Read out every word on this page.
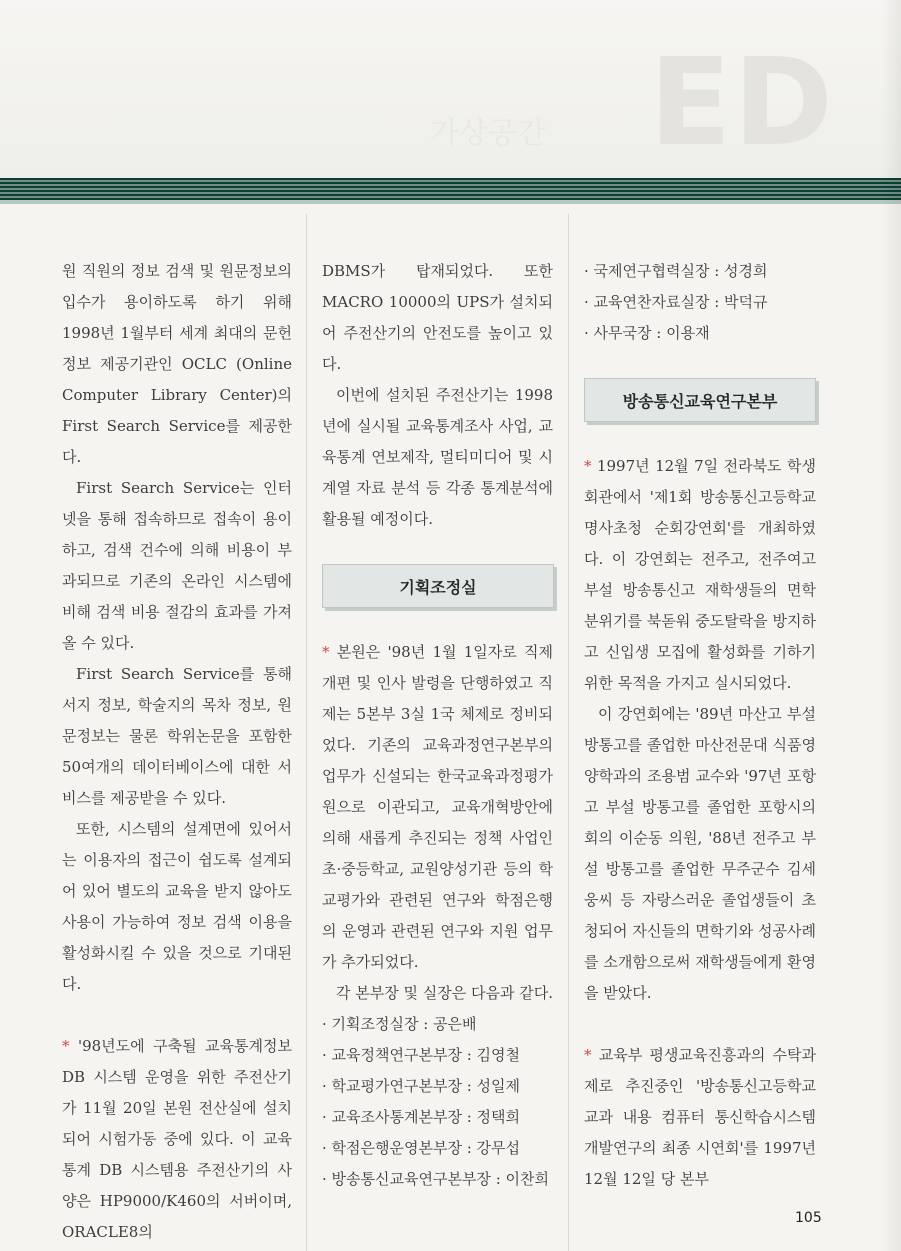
ED
가상공간

원 직원의 정보 검색 및 원문정보의 입수가 용이하도록 하기 위해 1998년 1월부터 세계 최대의 문헌 정보 제공기관인 OCLC (Online Computer Library Center)의 First Search Service를 제공한다.

First Search Service는 인터넷을 통해 접속하므로 접속이 용이하고, 검색 건수에 의해 비용이 부과되므로 기존의 온라인 시스템에 비해 검색 비용 절감의 효과를 가져올 수 있다.

First Search Service를 통해 서지 정보, 학술지의 목차 정보, 원문정보는 물론 학위논문을 포함한 50여개의 데이터베이스에 대한 서비스를 제공받을 수 있다.

또한, 시스템의 설계면에 있어서는 이용자의 접근이 쉽도록 설계되어 있어 별도의 교육을 받지 않아도 사용이 가능하여 정보 검색 이용을 활성화시킬 수 있을 것으로 기대된다.

* '98년도에 구축될 교육통계정보 DB 시스템 운영을 위한 주전산기가 11월 20일 본원 전산실에 설치되어 시험가동 중에 있다. 이 교육통계 DB 시스템용 주전산기의 사양은 HP9000/K460의 서버이며, ORACLE8의

DBMS가 탑재되었다. 또한 MACRO 10000의 UPS가 설치되어 주전산기의 안전도를 높이고 있다.

이번에 설치된 주전산기는 1998년에 실시될 교육통계조사 사업, 교육통계 연보제작, 멀티미디어 및 시계열 자료 분석 등 각종 통계분석에 활용될 예정이다.

기획조정실

* 본원은 '98년 1월 1일자로 직제개편 및 인사 발령을 단행하였고 직제는 5본부 3실 1국 체제로 정비되었다. 기존의 교육과정연구본부의 업무가 신설되는 한국교육과정평가원으로 이관되고, 교육개혁방안에 의해 새롭게 추진되는 정책 사업인 초·중등학교, 교원양성기관 등의 학교평가와 관련된 연구와 학점은행의 운영과 관련된 연구와 지원 업무가 추가되었다.

각 본부장 및 실장은 다음과 같다.

· 기획조정실장 : 공은배
· 교육정책연구본부장 : 김영철
· 학교평가연구본부장 : 성일제
· 교육조사통계본부장 : 정택희
· 학점은행운영본부장 : 강무섭
· 방송통신교육연구본부장 : 이찬희
· 국제연구협력실장 : 성경희
· 교육연찬자료실장 : 박덕규
· 사무국장 : 이용재
방송통신교육연구본부

* 1997년 12월 7일 전라북도 학생회관에서 '제1회 방송통신고등학교 명사초청 순회강연회'를 개최하였다. 이 강연회는 전주고, 전주여고 부설 방송통신고 재학생들의 면학 분위기를 북돋워 중도탈락을 방지하고 신입생 모집에 활성화를 기하기 위한 목적을 가지고 실시되었다.

이 강연회에는 '89년 마산고 부설 방통고를 졸업한 마산전문대 식품영양학과의 조용범 교수와 '97년 포항고 부설 방통고를 졸업한 포항시의회의 이순동 의원, '88년 전주고 부설 방통고를 졸업한 무주군수 김세웅씨 등 자랑스러운 졸업생들이 초청되어 자신들의 면학기와 성공사례를 소개함으로써 재학생들에게 환영을 받았다.

* 교육부 평생교육진흥과의 수탁과제로 추진중인 '방송통신고등학교 교과 내용 컴퓨터 통신학습시스템 개발연구의 최종 시연회'를 1997년 12월 12일 당 본부

105
